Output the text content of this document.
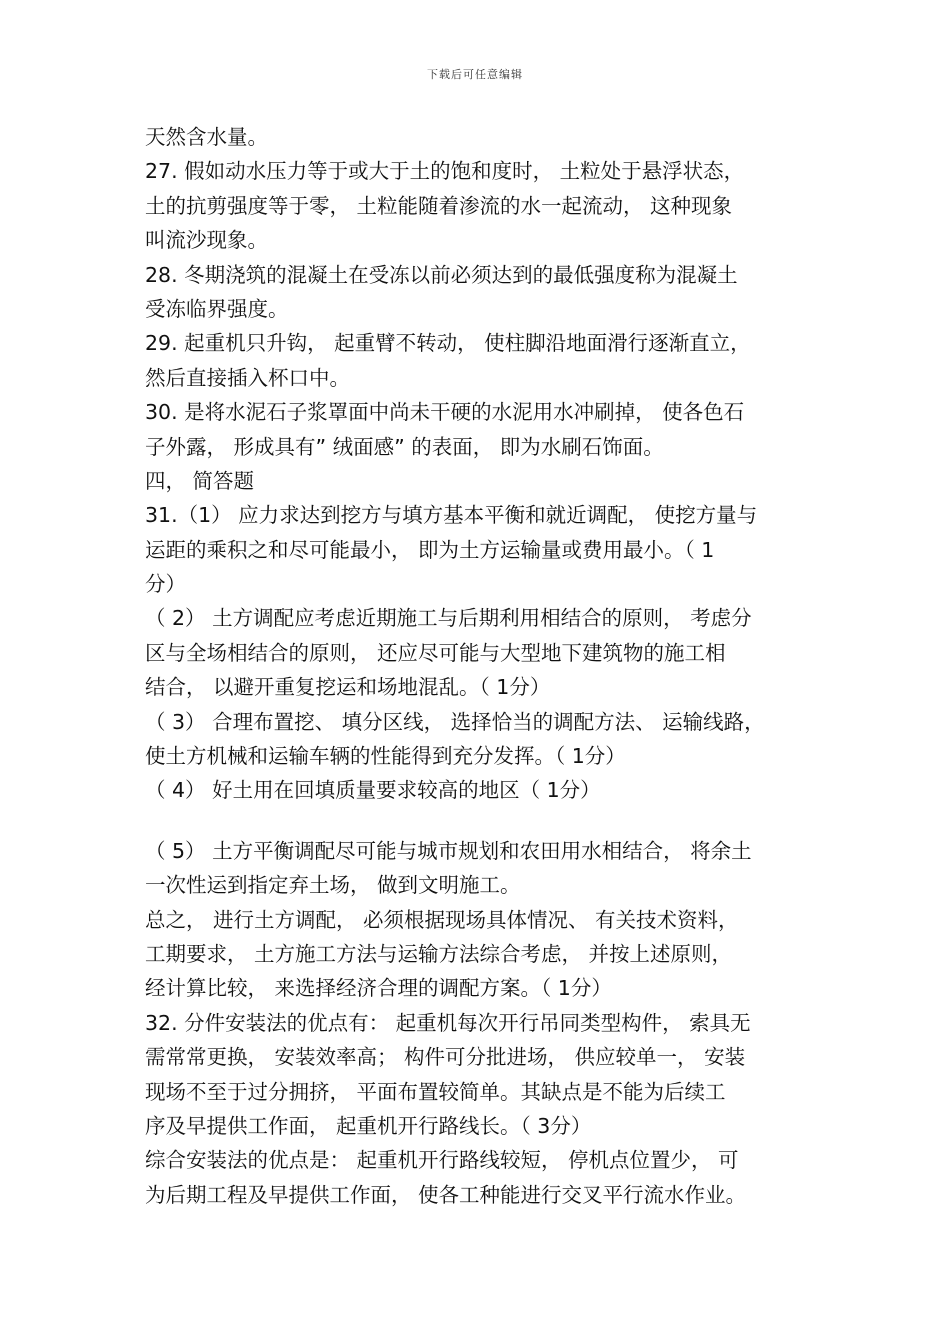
下载后可任意编辑
天然含水量。
27. 假如动水压力等于或大于土的饱和度时， 土粒处于悬浮状态，
土的抗剪强度等于零， 土粒能随着渗流的水一起流动， 这种现象
叫流沙现象。
28. 冬期浇筑的混凝土在受冻以前必须达到的最低强度称为混凝土
受冻临界强度。
29. 起重机只升钩， 起重臂不转动， 使柱脚沿地面滑行逐渐直立，
然后直接插入杯口中。
30. 是将水泥石子浆罩面中尚未干硬的水泥用水冲刷掉， 使各色石
子外露， 形成具有” 绒面感” 的表面， 即为水刷石饰面。
四， 简答题
31.（1） 应力求达到挖方与填方基本平衡和就近调配， 使挖方量与
运距的乘积之和尽可能最小， 即为土方运输量或费用最小。（ 1
分）
（ 2） 土方调配应考虑近期施工与后期利用相结合的原则， 考虑分
区与全场相结合的原则， 还应尽可能与大型地下建筑物的施工相
结合， 以避开重复挖运和场地混乱。（ 1分）
（ 3） 合理布置挖、 填分区线， 选择恰当的调配方法、 运输线路，
使土方机械和运输车辆的性能得到充分发挥。（ 1分）
（ 4） 好土用在回填质量要求较高的地区（ 1分）
（ 5） 土方平衡调配尽可能与城市规划和农田用水相结合， 将余土
一次性运到指定弃土场， 做到文明施工。
总之， 进行土方调配， 必须根据现场具体情况、 有关技术资料，
工期要求， 土方施工方法与运输方法综合考虑， 并按上述原则，
经计算比较， 来选择经济合理的调配方案。（ 1分）
32. 分件安装法的优点有： 起重机每次开行吊同类型构件， 索具无
需常常更换， 安装效率高； 构件可分批进场， 供应较单一， 安装
现场不至于过分拥挤， 平面布置较简单。其缺点是不能为后续工
序及早提供工作面， 起重机开行路线长。（ 3分）
综合安装法的优点是： 起重机开行路线较短， 停机点位置少， 可
为后期工程及早提供工作面， 使各工种能进行交叉平行流水作业。
